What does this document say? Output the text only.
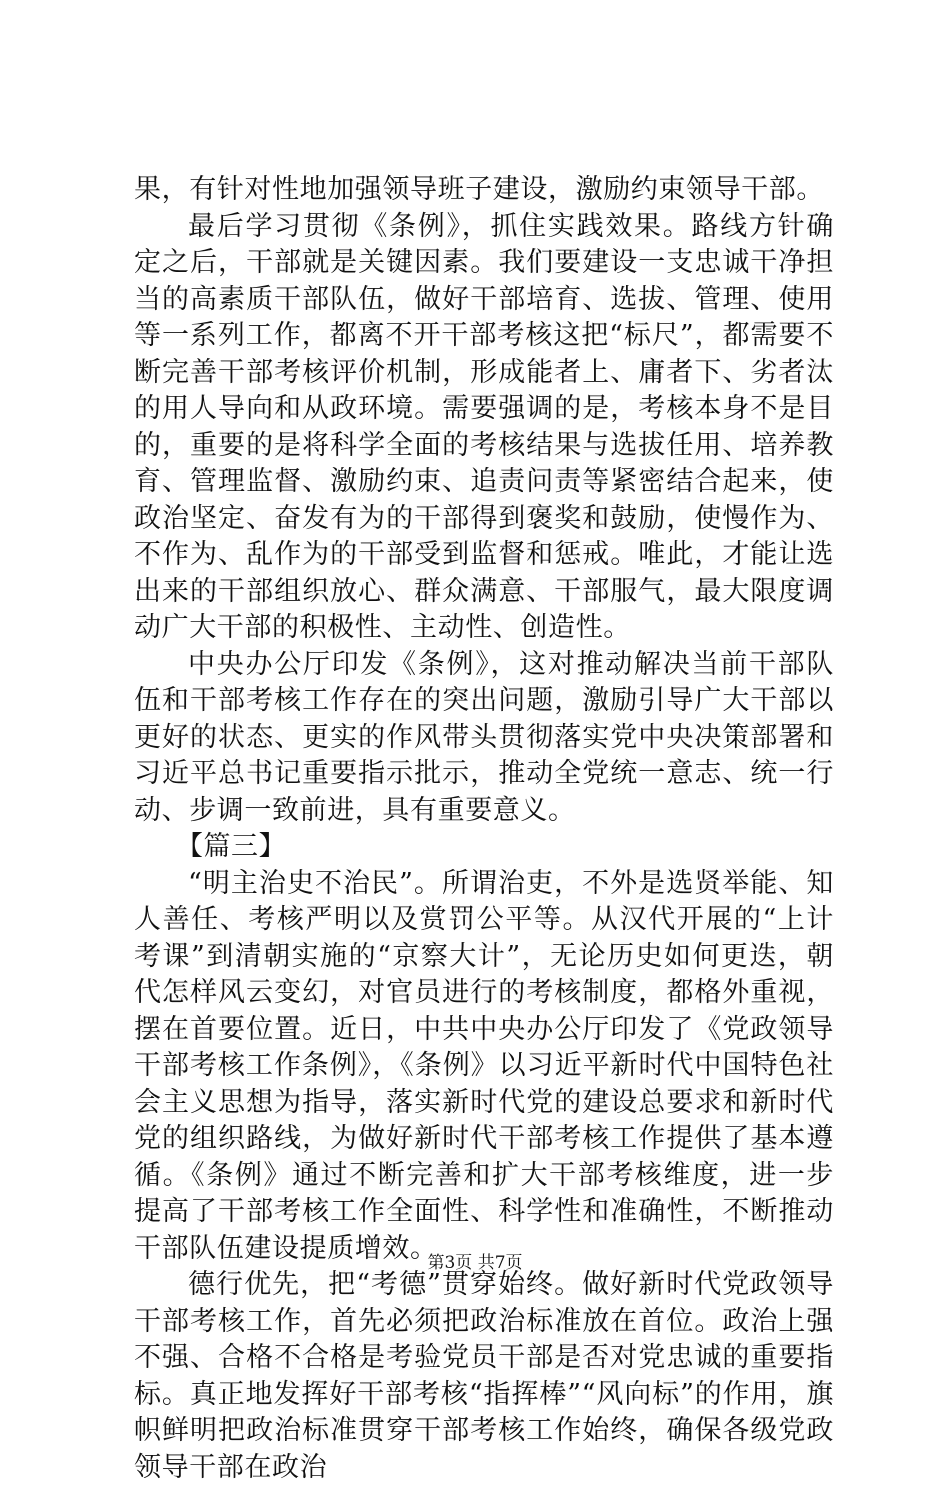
果，有针对性地加强领导班子建设，激励约束领导干部。

最后学习贯彻《条例》，抓住实践效果。路线方针确定之后，干部就是关键因素。我们要建设一支忠诚干净担当的高素质干部队伍，做好干部培育、选拔、管理、使用等一系列工作，都离不开干部考核这把“标尺”，都需要不断完善干部考核评价机制，形成能者上、庸者下、劣者汰的用人导向和从政环境。需要强调的是，考核本身不是目的，重要的是将科学全面的考核结果与选拔任用、培养教育、管理监督、激励约束、追责问责等紧密结合起来，使政治坚定、奋发有为的干部得到褒奖和鼓励，使慢作为、不作为、乱作为的干部受到监督和惩戒。唯此，才能让选出来的干部组织放心、群众满意、干部服气，最大限度调动广大干部的积极性、主动性、创造性。

中央办公厅印发《条例》，这对推动解决当前干部队伍和干部考核工作存在的突出问题，激励引导广大干部以更好的状态、更实的作风带头贯彻落实党中央决策部署和习近平总书记重要指示批示，推动全党统一意志、统一行动、步调一致前进，具有重要意义。

【篇三】

“明主治史不治民”。所谓治吏，不外是选贤举能、知人善任、考核严明以及赏罚公平等。从汉代开展的“上计考课”到清朝实施的“京察大计”，无论历史如何更迭，朝代怎样风云变幻，对官员进行的考核制度，都格外重视，摆在首要位置。近日，中共中央办公厅印发了《党政领导干部考核工作条例》，《条例》以习近平新时代中国特色社会主义思想为指导，落实新时代党的建设总要求和新时代党的组织路线，为做好新时代干部考核工作提供了基本遵循。《条例》通过不断完善和扩大干部考核维度，进一步提高了干部考核工作全面性、科学性和准确性，不断推动干部队伍建设提质增效。

德行优先，把“考德”贯穿始终。做好新时代党政领导干部考核工作，首先必须把政治标准放在首位。政治上强不强、合格不合格是考验党员干部是否对党忠诚的重要指标。真正地发挥好干部考核“指挥棒”“风向标”的作用，旗帜鲜明把政治标准贯穿干部考核工作始终，确保各级党政领导干部在政治

第3页 共7页
